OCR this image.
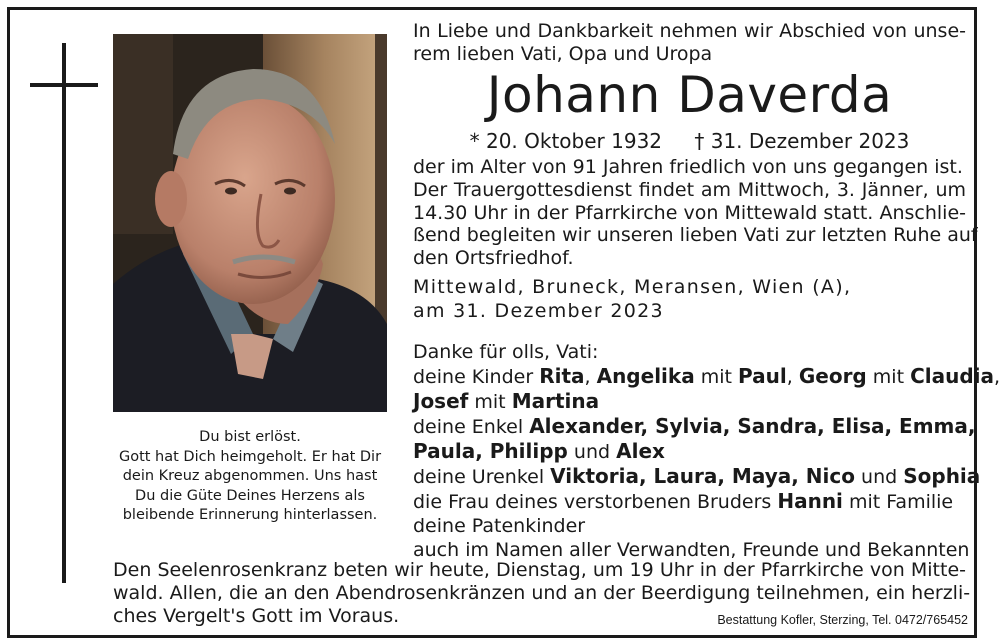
Du bist erlöst.
Gott hat Dich heimgeholt. Er hat Dir
dein Kreuz abgenommen. Uns hast
Du die Güte Deines Herzens als
bleibende Erinnerung hinterlassen.
In Liebe und Dankbarkeit nehmen wir Abschied von unse-
rem lieben Vati, Opa und Uropa
Johann Daverda
* 20. Oktober 1932 † 31. Dezember 2023
der im Alter von 91 Jahren friedlich von uns gegangen ist.
Der Trauergottesdienst findet am Mittwoch, 3. Jänner, um
14.30 Uhr in der Pfarrkirche von Mittewald statt. Anschlie-
ßend begleiten wir unseren lieben Vati zur letzten Ruhe auf
den Ortsfriedhof.
Mittewald, Bruneck, Meransen, Wien (A),
am 31. Dezember 2023
Danke für olls, Vati:
deine Kinder Rita, Angelika mit Paul, Georg mit Claudia,
Josef mit Martina
deine Enkel Alexander, Sylvia, Sandra, Elisa, Emma,
Paula, Philipp und Alex
deine Urenkel Viktoria, Laura, Maya, Nico und Sophia
die Frau deines verstorbenen Bruders Hanni mit Familie
deine Patenkinder
auch im Namen aller Verwandten, Freunde und Bekannten
Den Seelenrosenkranz beten wir heute, Dienstag, um 19 Uhr in der Pfarrkirche von Mitte-
wald. Allen, die an den Abendrosenkränzen und an der Beerdigung teilnehmen, ein herzli-
ches Vergelt's Gott im Voraus.	Bestattung Kofler, Sterzing, Tel. 0472/765452
